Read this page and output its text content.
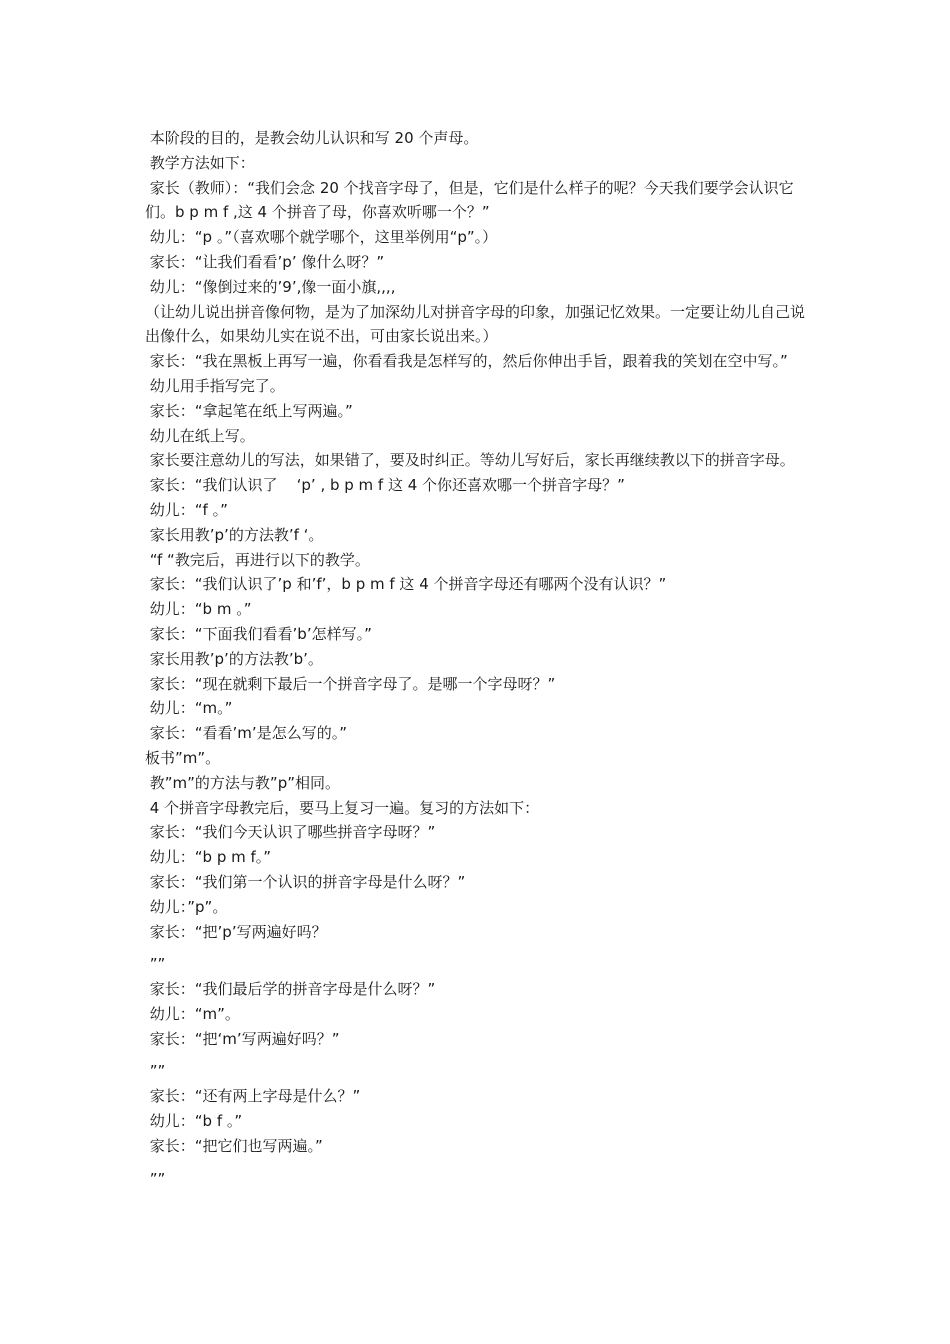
本阶段的目的，是教会幼儿认识和写 20 个声母。

教学方法如下：

家长（教师）：“我们会念 20 个找音字母了，但是，它们是什么样子的呢？今天我们要学会认识它们。b p m f ,这 4 个拼音了母，你喜欢听哪一个？”

幼儿：“p 。”（喜欢哪个就学哪个，这里举例用“p”。）

家长：“让我们看看’p’ 像什么呀？”

幼儿：“像倒过来的’9’,像一面小旗,,,,

（让幼儿说出拼音像何物，是为了加深幼儿对拼音字母的印象，加强记忆效果。一定要让幼儿自己说出像什么，如果幼儿实在说不出，可由家长说出来。）

家长：“我在黑板上再写一遍，你看看我是怎样写的，然后你伸出手旨，跟着我的笑划在空中写。”

幼儿用手指写完了。

家长：“拿起笔在纸上写两遍。”

幼儿在纸上写。

家长要注意幼儿的写法，如果错了，要及时纠正。等幼儿写好后，家长再继续教以下的拼音字母。

家长：“我们认识了    ‘p’ , b p m f 这 4 个你还喜欢哪一个拼音字母？”

幼儿：“f 。”

家长用教’p’的方法教’f ‘。

“f “教完后，再进行以下的教学。

家长：“我们认识了’p 和’f’，b p m f 这 4 个拼音字母还有哪两个没有认识？”

幼儿：“b m 。”

家长：“下面我们看看’b’怎样写。”

家长用教’p’的方法教’b’。

家长：“现在就剩下最后一个拼音字母了。是哪一个字母呀？”

幼儿：“m。”

家长：“看看’m’是怎么写的。”

板书”m”。

教”m”的方法与教”p”相同。

4 个拼音字母教完后，要马上复习一遍。复习的方法如下：

家长：“我们今天认识了哪些拼音字母呀？”

幼儿：“b p m f。”

家长：“我们第一个认识的拼音字母是什么呀？”

幼儿：”p”。

家长：“把’p’写两遍好吗？

””

家长：“我们最后学的拼音字母是什么呀？”

幼儿：“m”。

家长：“把‘m’写两遍好吗？”

””

家长：“还有两上字母是什么？”

幼儿：“b f 。”

家长：“把它们也写两遍。”

””
